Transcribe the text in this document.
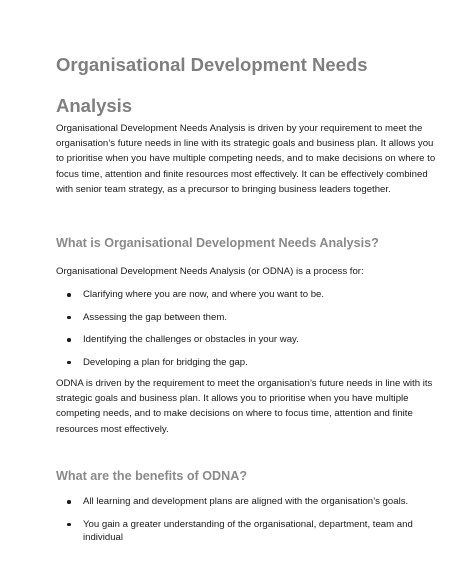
Organisational Development Needs Analysis

Organisational Development Needs Analysis is driven by your requirement to meet the organisation’s future needs in line with its strategic goals and business plan. It allows you to prioritise when you have multiple competing needs, and to make decisions on where to focus time, attention and finite resources most effectively. It can be effectively combined with senior team strategy, as a precursor to bringing business leaders together.

What is Organisational Development Needs Analysis?

Organisational Development Needs Analysis (or ODNA) is a process for:

Clarifying where you are now, and where you want to be.
Assessing the gap between them.
Identifying the challenges or obstacles in your way.
Developing a plan for bridging the gap.

ODNA is driven by the requirement to meet the organisation’s future needs in line with its strategic goals and business plan. It allows you to prioritise when you have multiple competing needs, and to make decisions on where to focus time, attention and finite resources most effectively.

What are the benefits of ODNA?
All learning and development plans are aligned with the organisation’s goals.
You gain a greater understanding of the organisational, department, team and individual
